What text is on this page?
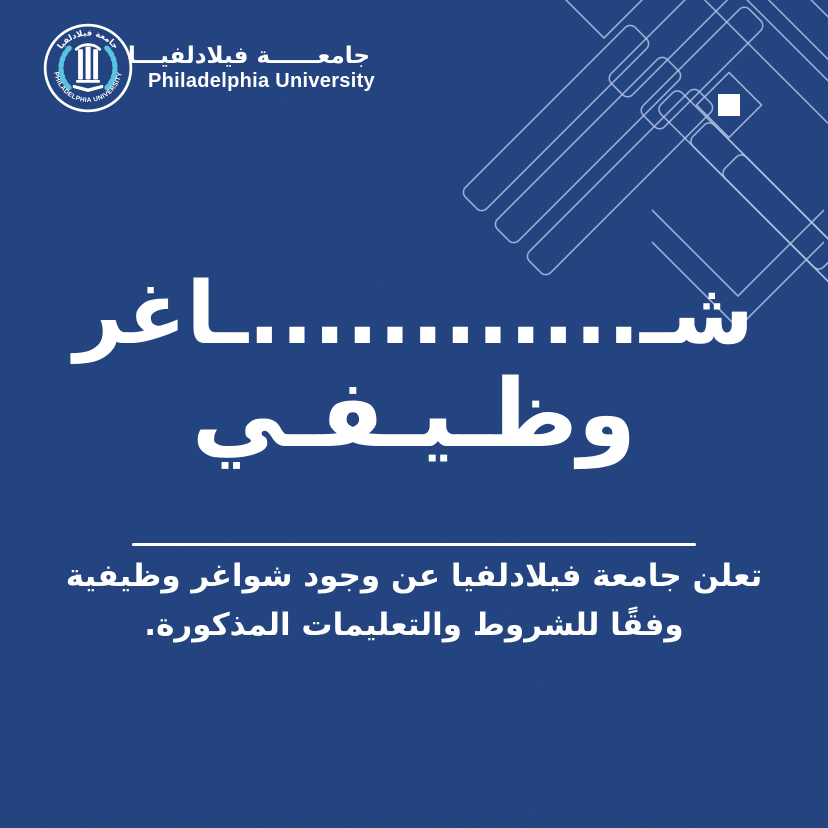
جامعة فيلادلفيا
PHILADELPHIA UNIVERSITY
جامعــــــة فيلادلفيـــا
Philadelphia University
شـ............ـاغر
وظـيـفـي
تعلن جامعة فيلادلفيا عن وجود شواغر وظيفية
وفقًا للشروط والتعليمات المذكورة.
